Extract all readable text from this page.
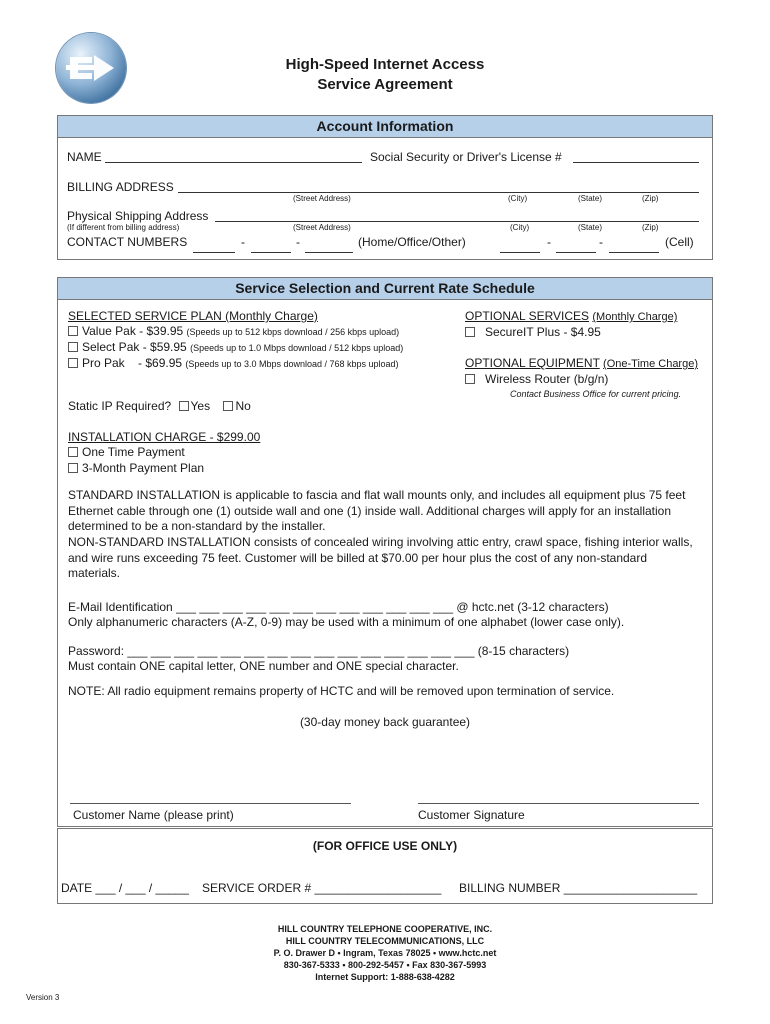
High-Speed Internet Access
Service Agreement
Account Information
NAME	Social Security or Driver's License #
BILLING ADDRESS
(Street Address)	(City)	(State)	(Zip)
Physical Shipping Address
(If different from billing address)	(Street Address)	(City)	(State)	(Zip)
CONTACT NUMBERS	-	-	(Home/Office/Other)	-	-	(Cell)
Service Selection and Current Rate Schedule
SELECTED SERVICE PLAN (Monthly Charge)
Value Pak - $39.95 (Speeds up to 512 kbps download / 256 kbps upload)
Select Pak - $59.95 (Speeds up to 1.0 Mbps download / 512 kbps upload)
Pro Pak    - $69.95 (Speeds up to 3.0 Mbps download / 768 kbps upload)
OPTIONAL SERVICES (Monthly Charge)
SecureIT Plus - $4.95
OPTIONAL EQUIPMENT (One-Time Charge)
Wireless Router (b/g/n)
Contact Business Office for current pricing.
Static IP Required? Yes No
INSTALLATION CHARGE - $299.00
One Time Payment
3-Month Payment Plan
STANDARD INSTALLATION is applicable to fascia and flat wall mounts only, and includes all equipment plus 75 feet Ethernet cable through one (1) outside wall and one (1) inside wall. Additional charges will apply for an installation determined to be a non-standard by the installer.
NON-STANDARD INSTALLATION consists of concealed wiring involving attic entry, crawl space, fishing interior walls, and wire runs exceeding 75 feet. Customer will be billed at $70.00 per hour plus the cost of any non-standard materials.
E-Mail Identification ___ ___ ___ ___ ___ ___ ___ ___ ___ ___ ___ ___ @ hctc.net (3-12 characters)
Only alphanumeric characters (A-Z, 0-9) may be used with a minimum of one alphabet (lower case only).
Password: ___ ___ ___ ___ ___ ___ ___ ___ ___ ___ ___ ___ ___ ___ ___ (8-15 characters)
Must contain ONE capital letter, ONE number and ONE special character.
NOTE: All radio equipment remains property of HCTC and will be removed upon termination of service.
(30-day money back guarantee)
Customer Name (please print)	Customer Signature
(FOR OFFICE USE ONLY)
DATE ___ / ___ / _____ SERVICE ORDER # ___________________ BILLING NUMBER ____________________
HILL COUNTRY TELEPHONE COOPERATIVE, INC.
HILL COUNTRY TELECOMMUNICATIONS, LLC
P. O. Drawer D • Ingram, Texas 78025 • www.hctc.net
830-367-5333 • 800-292-5457 • Fax 830-367-5993
Internet Support: 1-888-638-4282
Version 3
